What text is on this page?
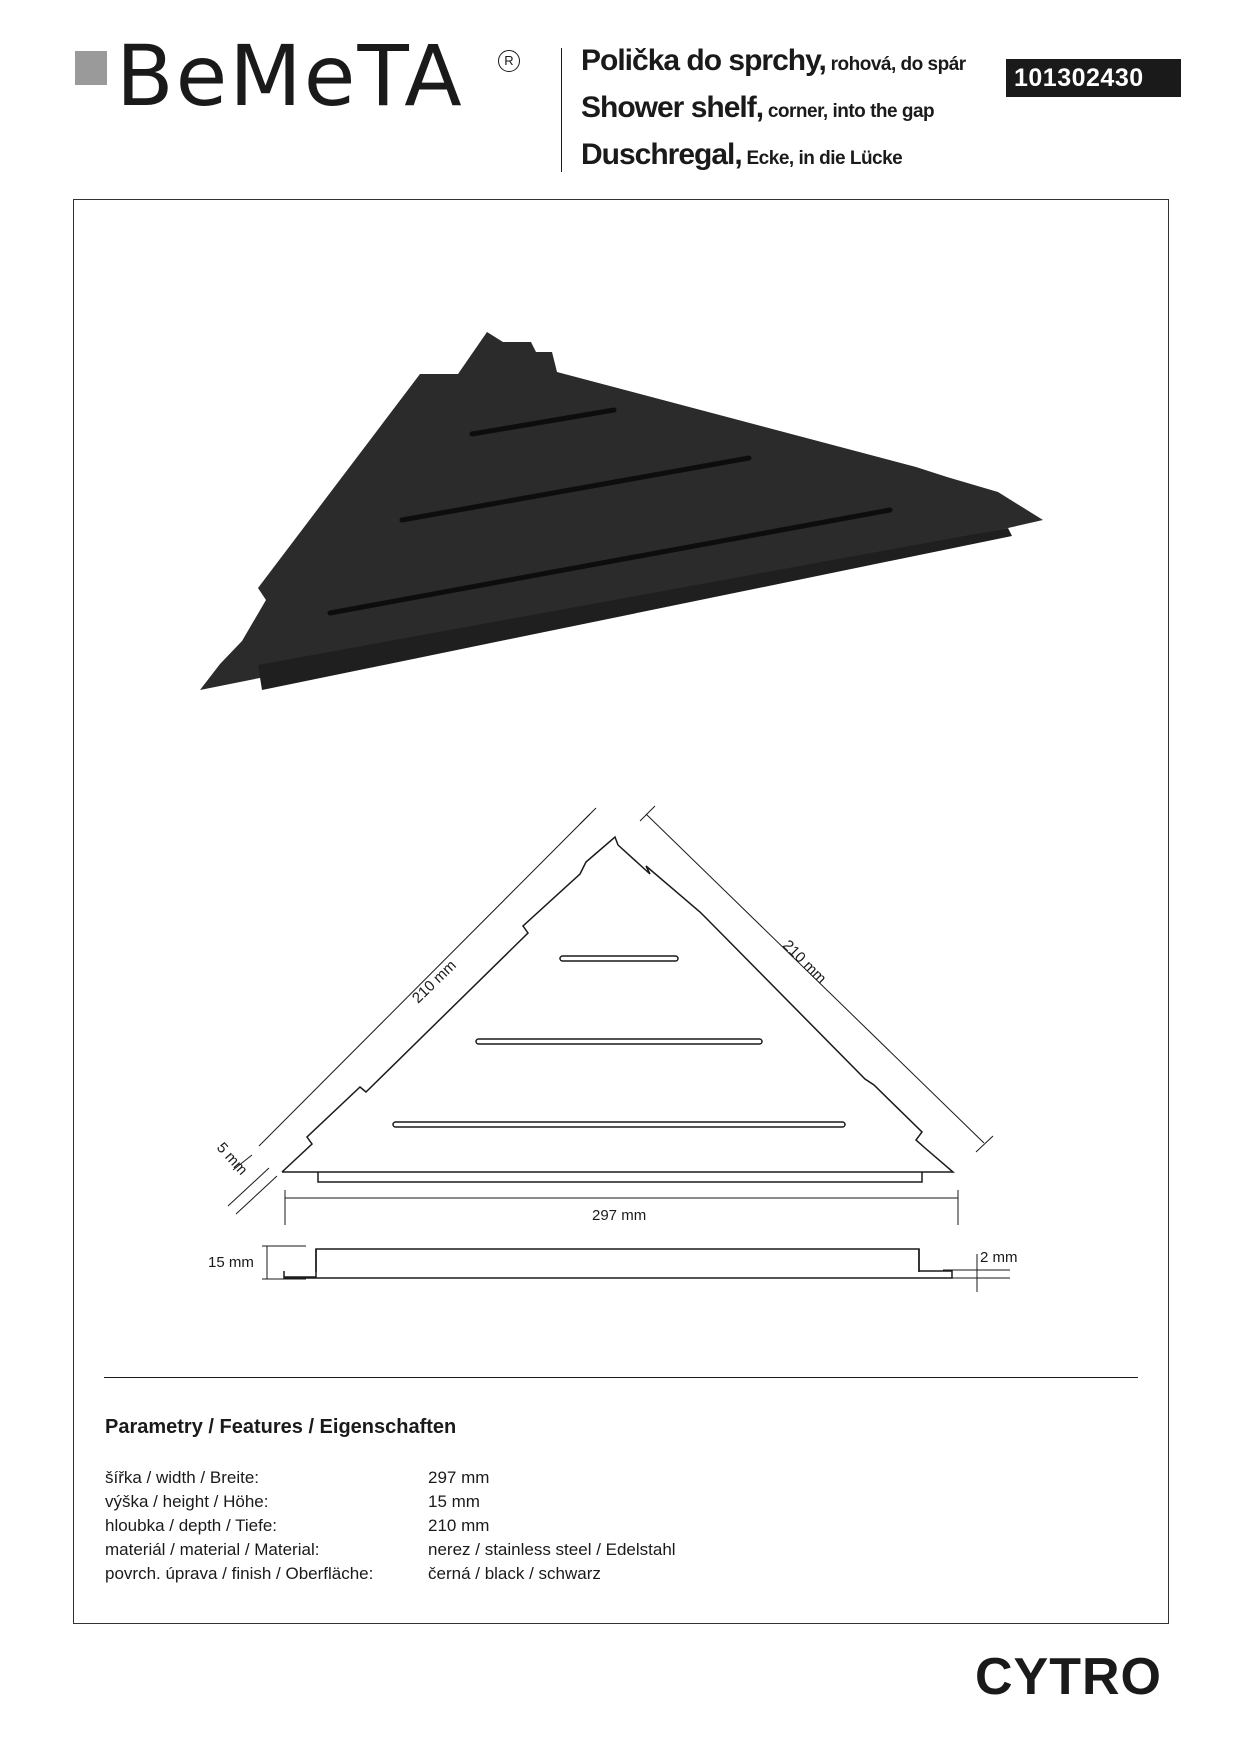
BeMeTA	R Polička do sprchy, rohová, do spár
Shower shelf, corner, into the gap
Duschregal, Ecke, in die Lücke
101302430
210 mm	210 mm
5 mm
297 mm
15 mm	2 mm
Parametry / Features / Eigenschaften
šířka / width / Breite:	297 mm
výška / height / Höhe:	15 mm
hloubka / depth / Tiefe:	210 mm
materiál / material / Material:	nerez / stainless steel / Edelstahl
povrch. úprava / finish / Oberfläche:	černá / black / schwarz
CYTRO
